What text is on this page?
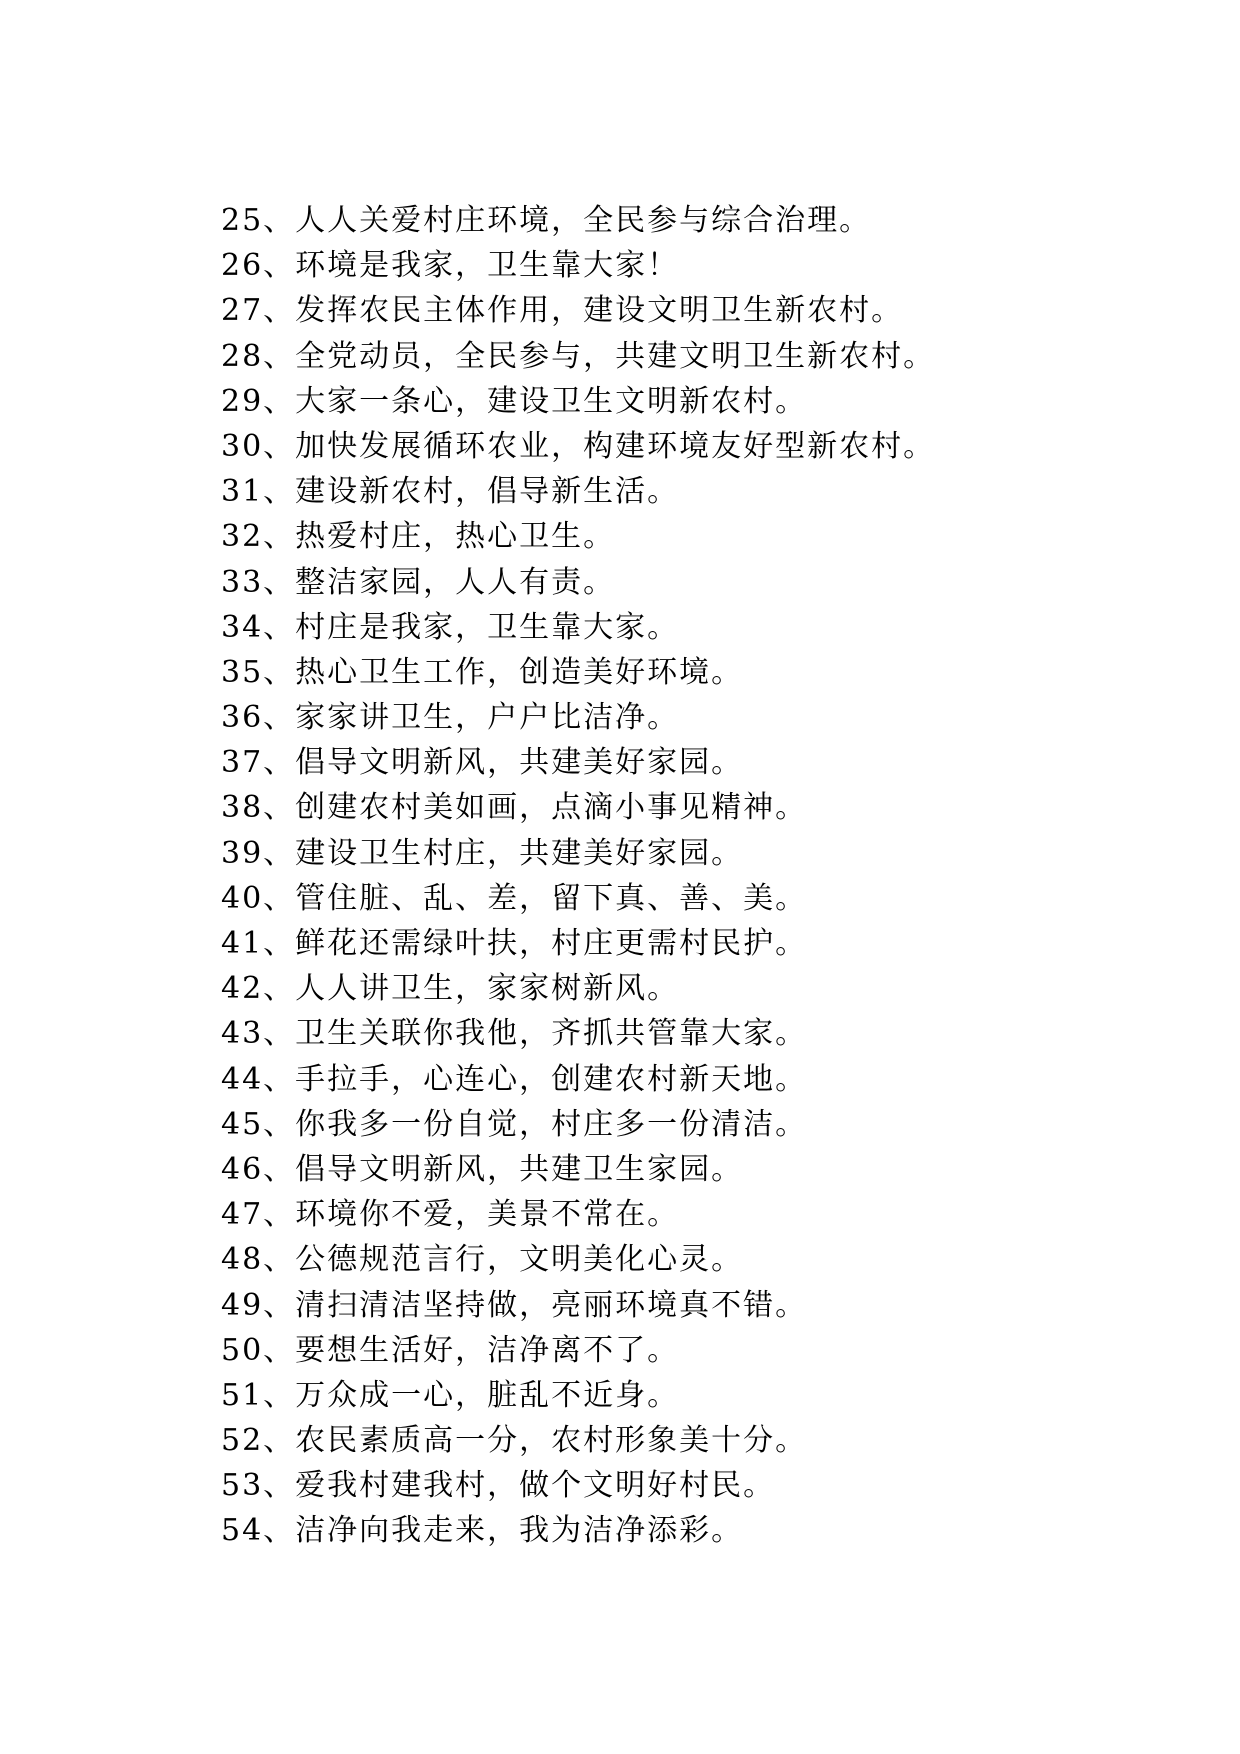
25、人人关爱村庄环境，全民参与综合治理。
26、环境是我家，卫生靠大家！
27、发挥农民主体作用，建设文明卫生新农村。
28、全党动员，全民参与，共建文明卫生新农村。
29、大家一条心，建设卫生文明新农村。
30、加快发展循环农业，构建环境友好型新农村。
31、建设新农村，倡导新生活。
32、热爱村庄，热心卫生。
33、整洁家园，人人有责。
34、村庄是我家，卫生靠大家。
35、热心卫生工作，创造美好环境。
36、家家讲卫生，户户比洁净。
37、倡导文明新风，共建美好家园。
38、创建农村美如画，点滴小事见精神。
39、建设卫生村庄，共建美好家园。
40、管住脏、乱、差，留下真、善、美。
41、鲜花还需绿叶扶，村庄更需村民护。
42、人人讲卫生，家家树新风。
43、卫生关联你我他，齐抓共管靠大家。
44、手拉手，心连心，创建农村新天地。
45、你我多一份自觉，村庄多一份清洁。
46、倡导文明新风，共建卫生家园。
47、环境你不爱，美景不常在。
48、公德规范言行，文明美化心灵。
49、清扫清洁坚持做，亮丽环境真不错。
50、要想生活好，洁净离不了。
51、万众成一心，脏乱不近身。
52、农民素质高一分，农村形象美十分。
53、爱我村建我村，做个文明好村民。
54、洁净向我走来，我为洁净添彩。
